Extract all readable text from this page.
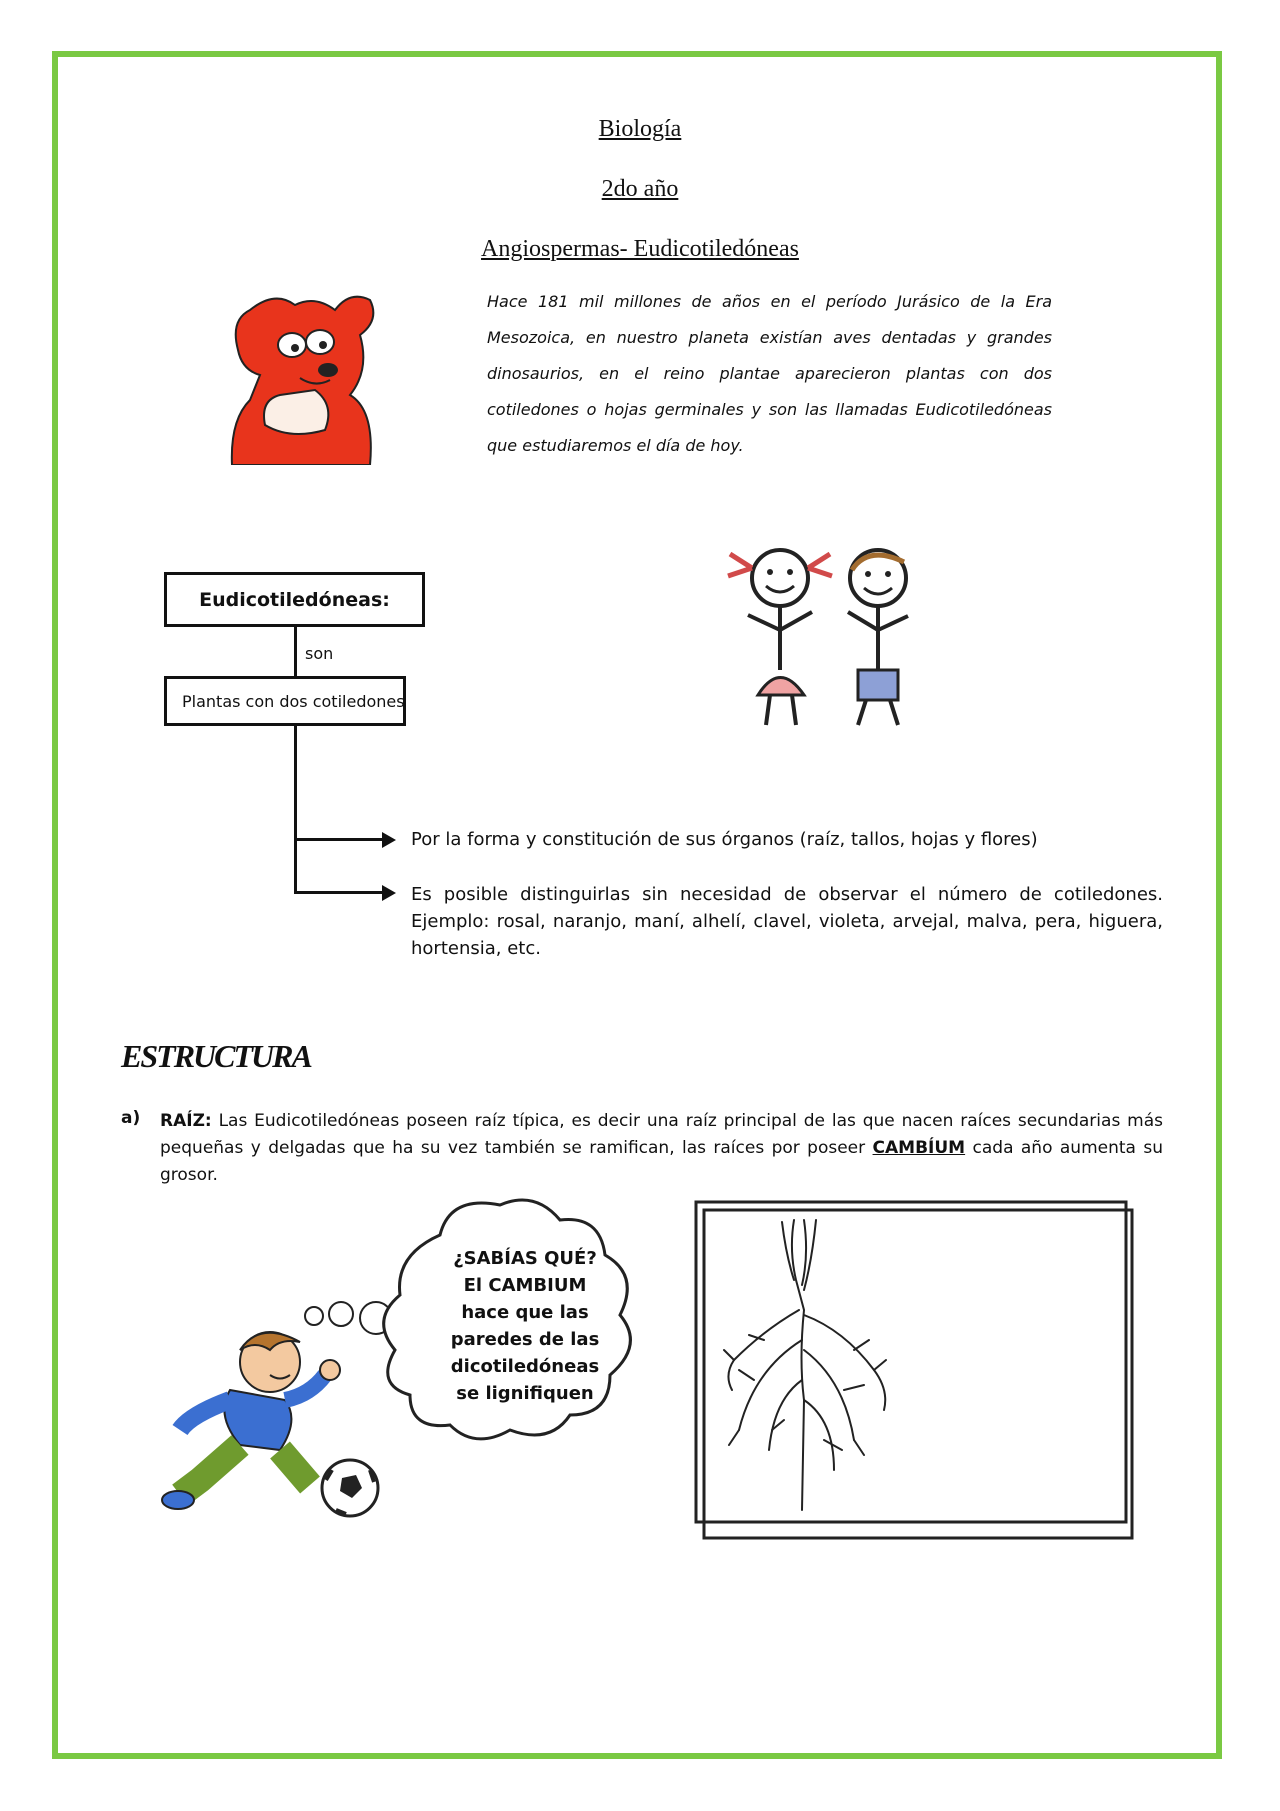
Biología
2do año
Angiospermas- Eudicotiledóneas

Hace 181 mil millones de años en el período Jurásico de la Era Mesozoica, en nuestro planeta existían aves dentadas y grandes dinosaurios, en el reino plantae aparecieron plantas con dos cotiledones o hojas germinales y son las llamadas Eudicotiledóneas que estudiaremos el día de hoy.

Eudicotiledóneas:

son

Plantas con dos cotiledones

Por la forma y constitución de sus órganos (raíz, tallos, hojas y flores)

Es posible distinguirlas sin necesidad de observar el número de cotiledones. Ejemplo: rosal, naranjo, maní, alhelí, clavel, violeta, arvejal, malva, pera, higuera, hortensia, etc.

ESTRUCTURA
a) RAÍZ: Las Eudicotiledóneas poseen raíz típica, es decir una raíz principal de las que nacen raíces secundarias más pequeñas y delgadas que ha su vez también se ramifican, las raíces por poseer CAMBÍUM cada año aumenta su grosor.

¿SABÍAS QUÉ?
El CAMBIUM
hace que las
paredes de las
dicotiledóneas
se lignifiquen
